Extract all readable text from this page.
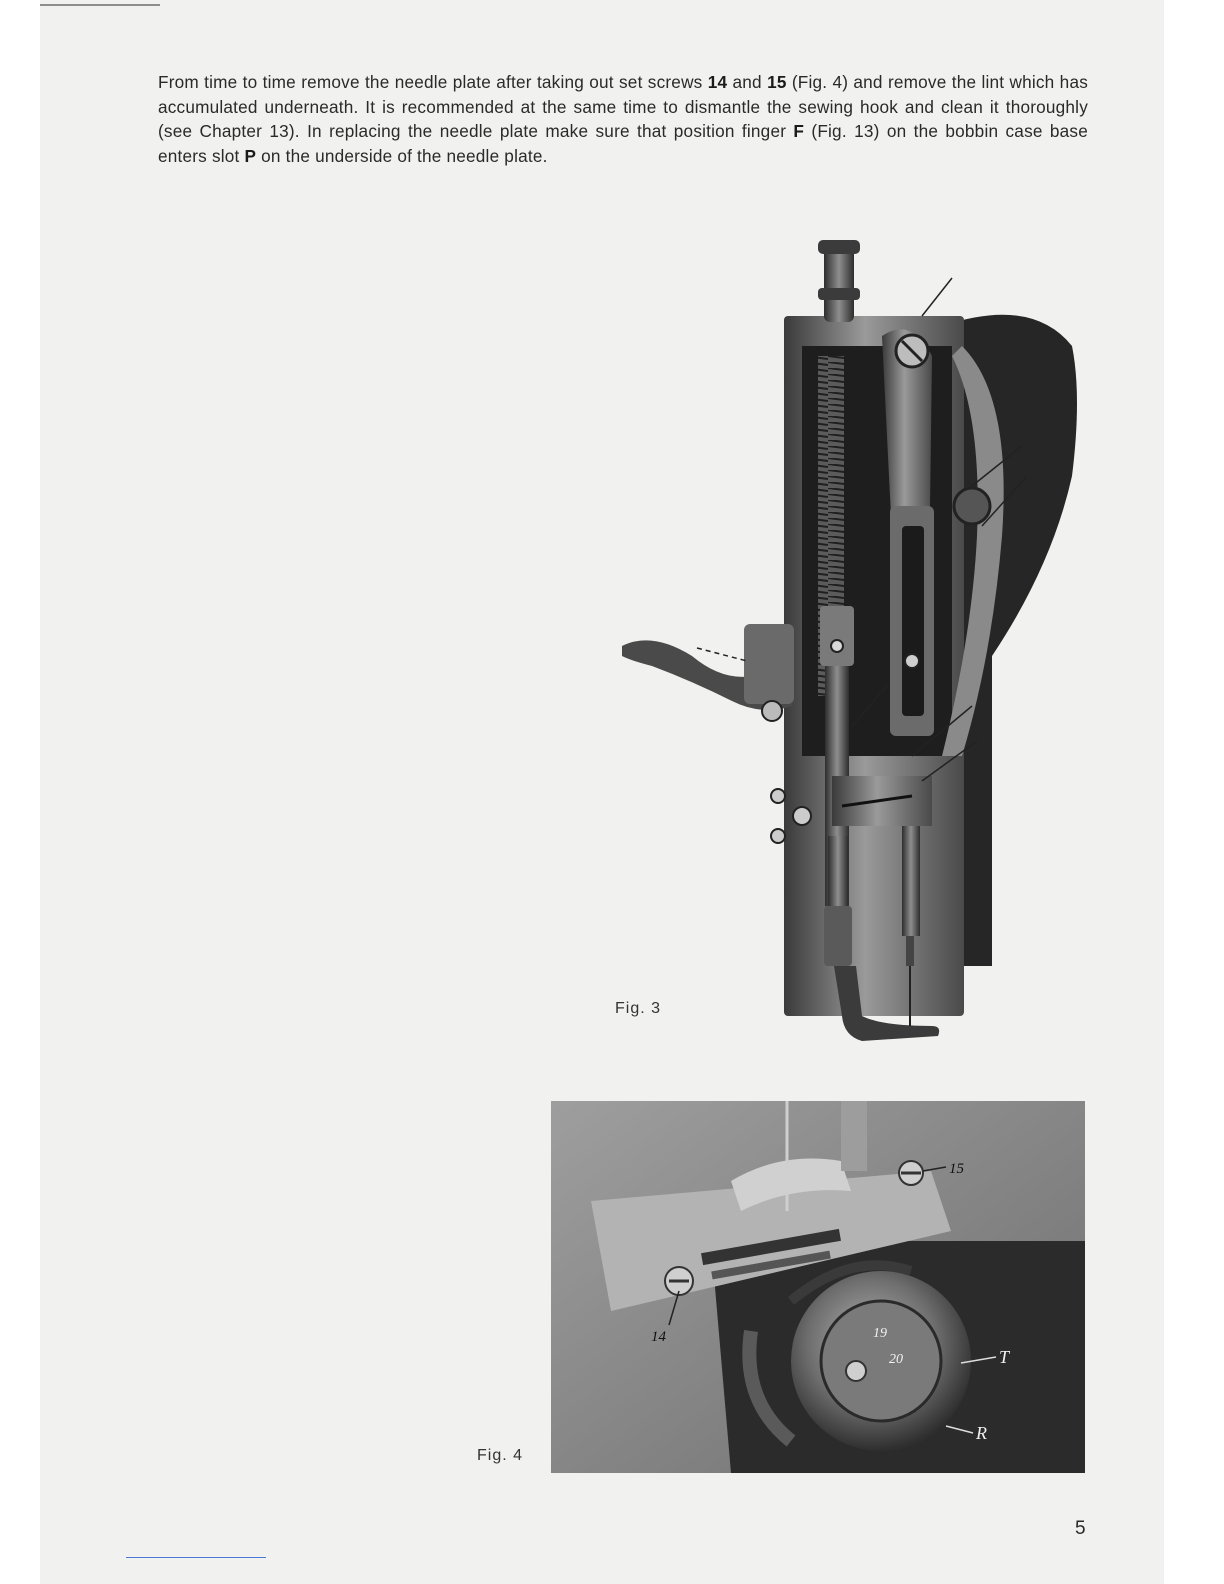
From time to time remove the needle plate after taking out set screws 14 and 15 (Fig. 4) and remove the lint which has accumulated underneath. It is recommended at the same time to dismantle the sewing hook and clean it thoroughly (see Chapter 13). In replacing the needle plate make sure that position finger F (Fig. 13) on the bobbin case base enters slot P on the underside of the needle plate.

Fig. 3
14
15
19
20	T
R
Fig. 4
5
